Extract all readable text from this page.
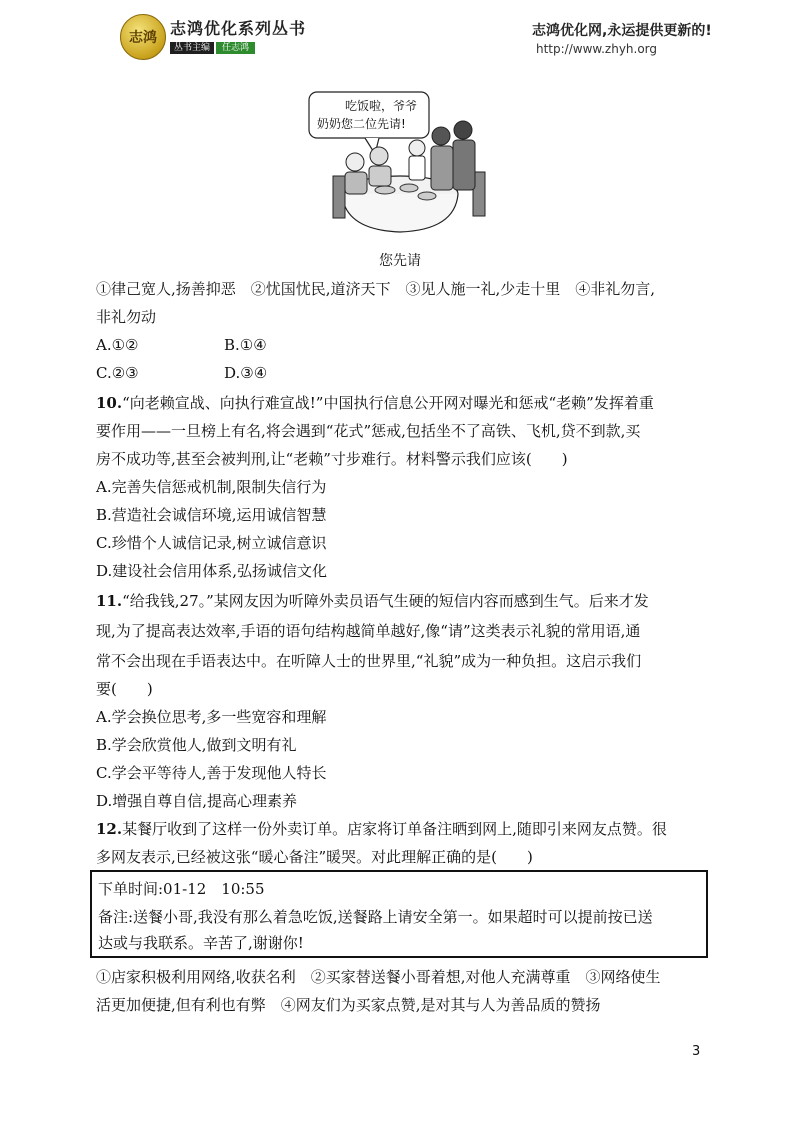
志鸿 志鸿优化系列丛书
丛书主编 任志鸿
志鸿优化网,永运提供更新的!
http://www.zhyh.org
吃饭啦，爷爷
奶奶您二位先请!
您先请
①律己宽人,扬善抑恶　②忧国忧民,道济天下　③见人施一礼,少走十里　④非礼勿言,
非礼勿动
A.①②	B.①④
C.②③	D.③④
10.“向老赖宣战、向执行难宣战!”中国执行信息公开网对曝光和惩戒“老赖”发挥着重
要作用——一旦榜上有名,将会遇到“花式”惩戒,包括坐不了高铁、飞机,贷不到款,买
房不成功等,甚至会被判刑,让“老赖”寸步难行。材料警示我们应该(　　)
A.完善失信惩戒机制,限制失信行为
B.营造社会诚信环境,运用诚信智慧
C.珍惜个人诚信记录,树立诚信意识
D.建设社会信用体系,弘扬诚信文化
11.“给我钱,27。”某网友因为听障外卖员语气生硬的短信内容而感到生气。后来才发
现,为了提高表达效率,手语的语句结构越简单越好,像“请”这类表示礼貌的常用语,通
常不会出现在手语表达中。在听障人士的世界里,“礼貌”成为一种负担。这启示我们
要(　　)
A.学会换位思考,多一些宽容和理解
B.学会欣赏他人,做到文明有礼
C.学会平等待人,善于发现他人特长
D.增强自尊自信,提高心理素养
12.某餐厅收到了这样一份外卖订单。店家将订单备注晒到网上,随即引来网友点赞。很
多网友表示,已经被这张“暖心备注”暖哭。对此理解正确的是(　　)
下单时间:01-12　10:55
备注:送餐小哥,我没有那么着急吃饭,送餐路上请安全第一。如果超时可以提前按已送
达或与我联系。辛苦了,谢谢你!
①店家积极利用网络,收获名利　②买家替送餐小哥着想,对他人充满尊重　③网络使生
活更加便捷,但有利也有弊　④网友们为买家点赞,是对其与人为善品质的赞扬
3
